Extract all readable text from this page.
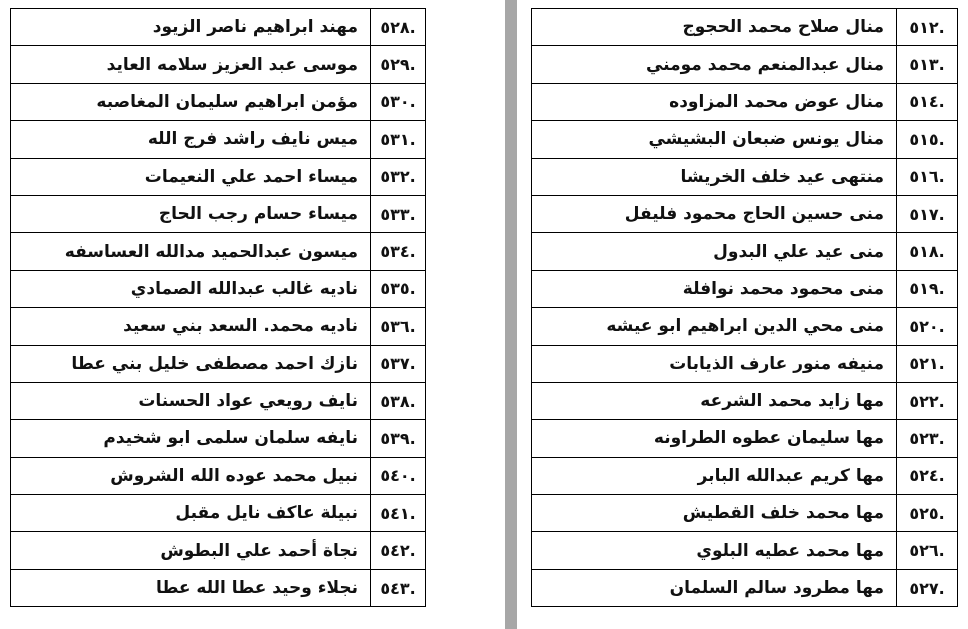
.٥٢٨	مهند ابراهيم ناصر الزيود
.٥٢٩	موسى عبد العزيز سلامه العايد
.٥٣٠	مؤمن ابراهيم سليمان المغاصبه
.٥٣١	ميس نايف راشد فرج الله
.٥٣٢	ميساء احمد علي النعيمات
.٥٣٣	ميساء حسام رجب الحاج
.٥٣٤	ميسون عبدالحميد مدالله العساسفه
.٥٣٥	ناديه غالب عبدالله الصمادي
.٥٣٦	ناديه محمد. السعد بني سعيد
.٥٣٧	نازك احمد مصطفى خليل بني عطا
.٥٣٨	نايف رويعي عواد الحسنات
.٥٣٩	نايفه سلمان سلمى ابو شخيدم
.٥٤٠	نبيل محمد عوده الله الشروش
.٥٤١	نبيلة عاكف نايل مقبل
.٥٤٢	نجاة أحمد علي البطوش
.٥٤٣	نجلاء وحيد عطا الله عطا
.٥١٢	منال صلاح محمد الحجوج
.٥١٣	منال عبدالمنعم محمد مومني
.٥١٤	منال عوض محمد المزاوده
.٥١٥	منال يونس ضبعان البشيشي
.٥١٦	منتهى عيد خلف الخريشا
.٥١٧	منى حسين الحاج محمود فليفل
.٥١٨	منى عيد علي البدول
.٥١٩	منى محمود محمد نوافلة
.٥٢٠	منى محي الدين ابراهيم ابو عيشه
.٥٢١	منيفه منور عارف الذيابات
.٥٢٢	مها زايد محمد الشرعه
.٥٢٣	مها سليمان عطوه الطراونه
.٥٢٤	مها كريم عبدالله البابر
.٥٢٥	مها محمد خلف القطيش
.٥٢٦	مها محمد عطيه البلوي
.٥٢٧	مها مطرود سالم السلمان
